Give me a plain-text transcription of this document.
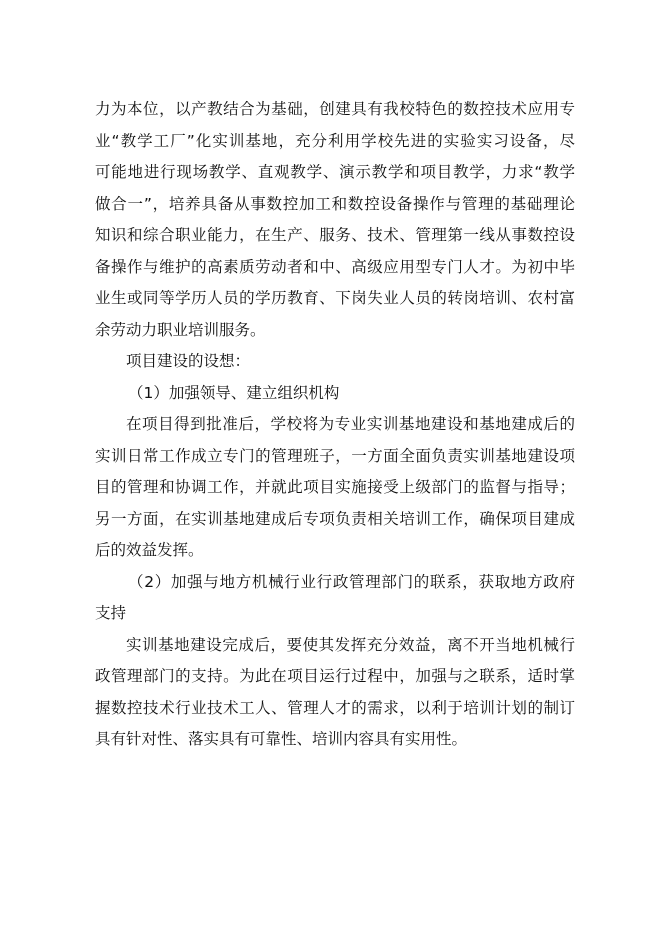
力为本位，以产教结合为基础，创建具有我校特色的数控技术应用专
业“教学工厂”化实训基地，充分利用学校先进的实验实习设备，尽
可能地进行现场教学、直观教学、演示教学和项目教学，力求“教学
做合一”，培养具备从事数控加工和数控设备操作与管理的基础理论
知识和综合职业能力，在生产、服务、技术、管理第一线从事数控设
备操作与维护的高素质劳动者和中、高级应用型专门人才。为初中毕
业生或同等学历人员的学历教育、下岗失业人员的转岗培训、农村富
余劳动力职业培训服务。
项目建设的设想：
（1）加强领导、建立组织机构
在项目得到批准后，学校将为专业实训基地建设和基地建成后的
实训日常工作成立专门的管理班子，一方面全面负责实训基地建设项
目的管理和协调工作，并就此项目实施接受上级部门的监督与指导；
另一方面，在实训基地建成后专项负责相关培训工作，确保项目建成
后的效益发挥。
（2）加强与地方机械行业行政管理部门的联系，获取地方政府
支持
实训基地建设完成后，要使其发挥充分效益，离不开当地机械行
政管理部门的支持。为此在项目运行过程中，加强与之联系，适时掌
握数控技术行业技术工人、管理人才的需求，以利于培训计划的制订
具有针对性、落实具有可靠性、培训内容具有实用性。
